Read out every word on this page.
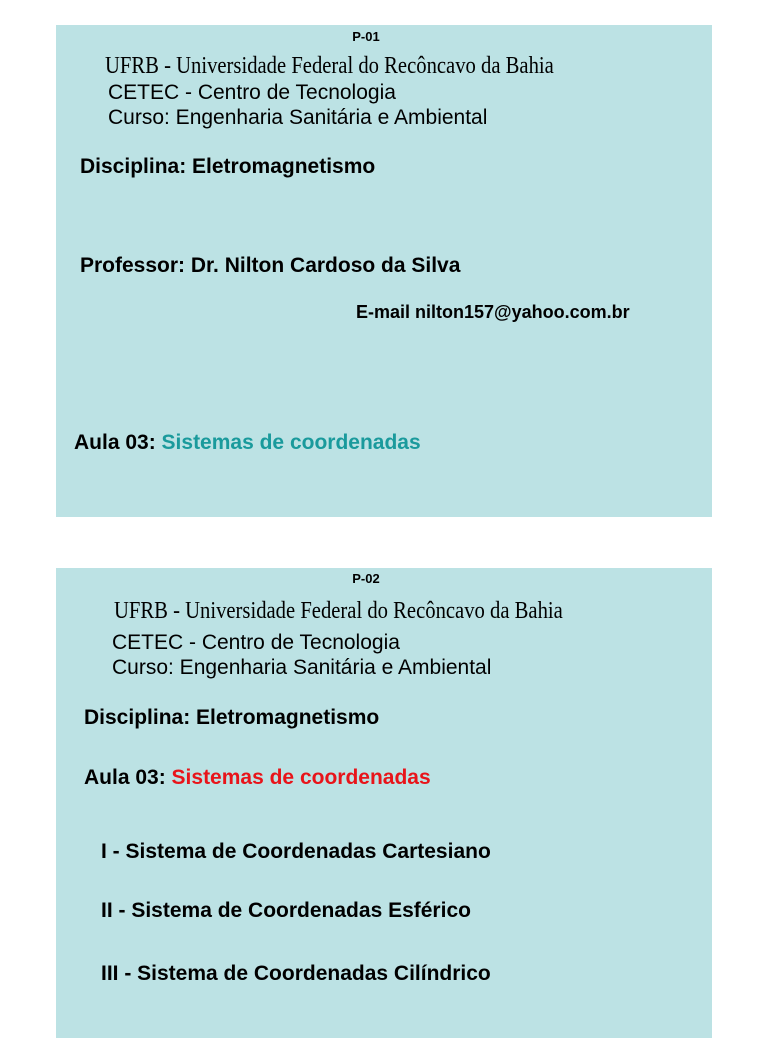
P-01
UFRB - Universidade Federal do Recôncavo da Bahia
CETEC - Centro de Tecnologia
Curso: Engenharia Sanitária e Ambiental
Disciplina: Eletromagnetismo
Professor: Dr. Nilton Cardoso da Silva
E-mail nilton157@yahoo.com.br
Aula 03: Sistemas de coordenadas
P-02
UFRB - Universidade Federal do Recôncavo da Bahia
CETEC - Centro de Tecnologia
Curso: Engenharia Sanitária e Ambiental
Disciplina: Eletromagnetismo
Aula 03: Sistemas de coordenadas
I - Sistema de Coordenadas Cartesiano
II - Sistema de Coordenadas Esférico
III - Sistema de Coordenadas Cilíndrico
